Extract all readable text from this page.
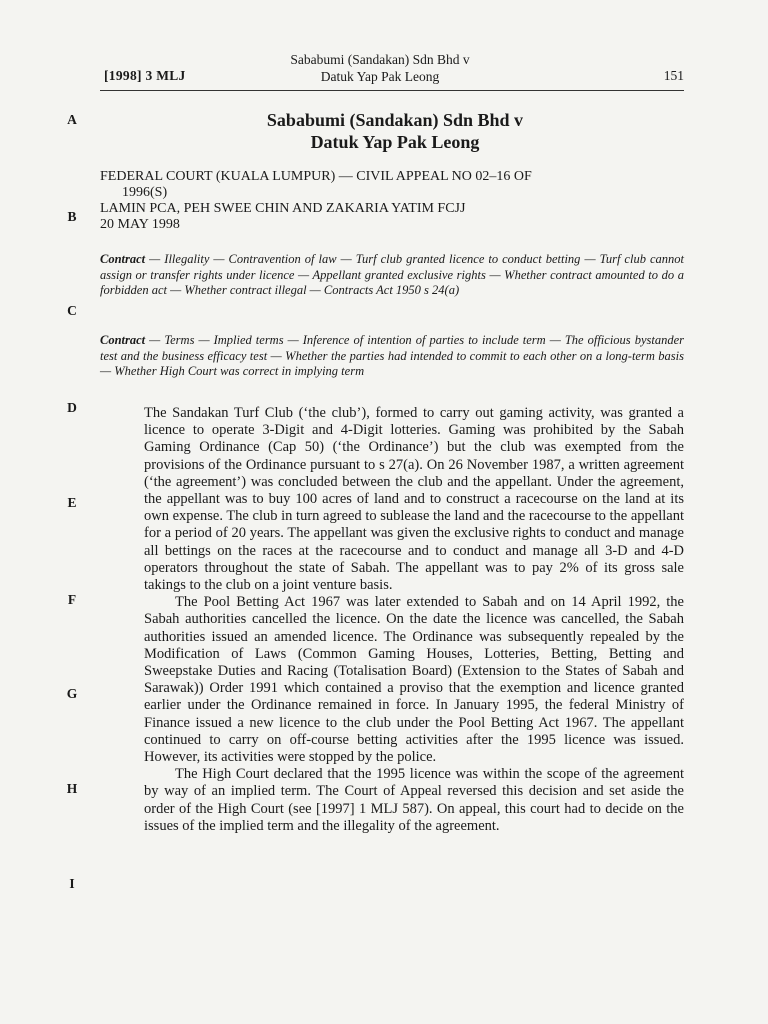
[1998] 3 MLJ
Sababumi (Sandakan) Sdn Bhd v
Datuk Yap Pak Leong	151
Sababumi (Sandakan) Sdn Bhd v
Datuk Yap Pak Leong
A
B
C
D
E
F
G
H
I
FEDERAL COURT (KUALA LUMPUR) — CIVIL APPEAL NO 02–16 OF
1996(S)
LAMIN PCA, PEH SWEE CHIN AND ZAKARIA YATIM FCJJ
20 MAY 1998
Contract — Illegality — Contravention of law — Turf club granted licence to conduct betting — Turf club cannot assign or transfer rights under licence — Appellant granted exclusive rights — Whether contract amounted to do a forbidden act — Whether contract illegal — Contracts Act 1950 s 24(a)
Contract — Terms — Implied terms — Inference of intention of parties to include term — The officious bystander test and the business efficacy test — Whether the parties had intended to commit to each other on a long-term basis — Whether High Court was correct in implying term

The Sandakan Turf Club (‘the club’), formed to carry out gaming activity, was granted a licence to operate 3-Digit and 4-Digit lotteries. Gaming was prohibited by the Sabah Gaming Ordinance (Cap 50) (‘the Ordinance’) but the club was exempted from the provisions of the Ordinance pursuant to s 27(a). On 26 November 1987, a written agreement (‘the agreement’) was concluded between the club and the appellant. Under the agreement, the appellant was to buy 100 acres of land and to construct a racecourse on the land at its own expense. The club in turn agreed to sublease the land and the racecourse to the appellant for a period of 20 years. The appellant was given the exclusive rights to conduct and manage all bettings on the races at the racecourse and to conduct and manage all 3-D and 4-D operators throughout the state of Sabah. The appellant was to pay 2% of its gross sale takings to the club on a joint venture basis.

The Pool Betting Act 1967 was later extended to Sabah and on 14 April 1992, the Sabah authorities cancelled the licence. On the date the licence was cancelled, the Sabah authorities issued an amended licence. The Ordinance was subsequently repealed by the Modification of Laws (Common Gaming Houses, Lotteries, Betting, Betting and Sweepstake Duties and Racing (Totalisation Board) (Extension to the States of Sabah and Sarawak)) Order 1991 which contained a proviso that the exemption and licence granted earlier under the Ordinance remained in force. In January 1995, the federal Ministry of Finance issued a new licence to the club under the Pool Betting Act 1967. The appellant continued to carry on off-course betting activities after the 1995 licence was issued. However, its activities were stopped by the police.

The High Court declared that the 1995 licence was within the scope of the agreement by way of an implied term. The Court of Appeal reversed this decision and set aside the order of the High Court (see [1997] 1 MLJ 587). On appeal, this court had to decide on the issues of the implied term and the illegality of the agreement.
